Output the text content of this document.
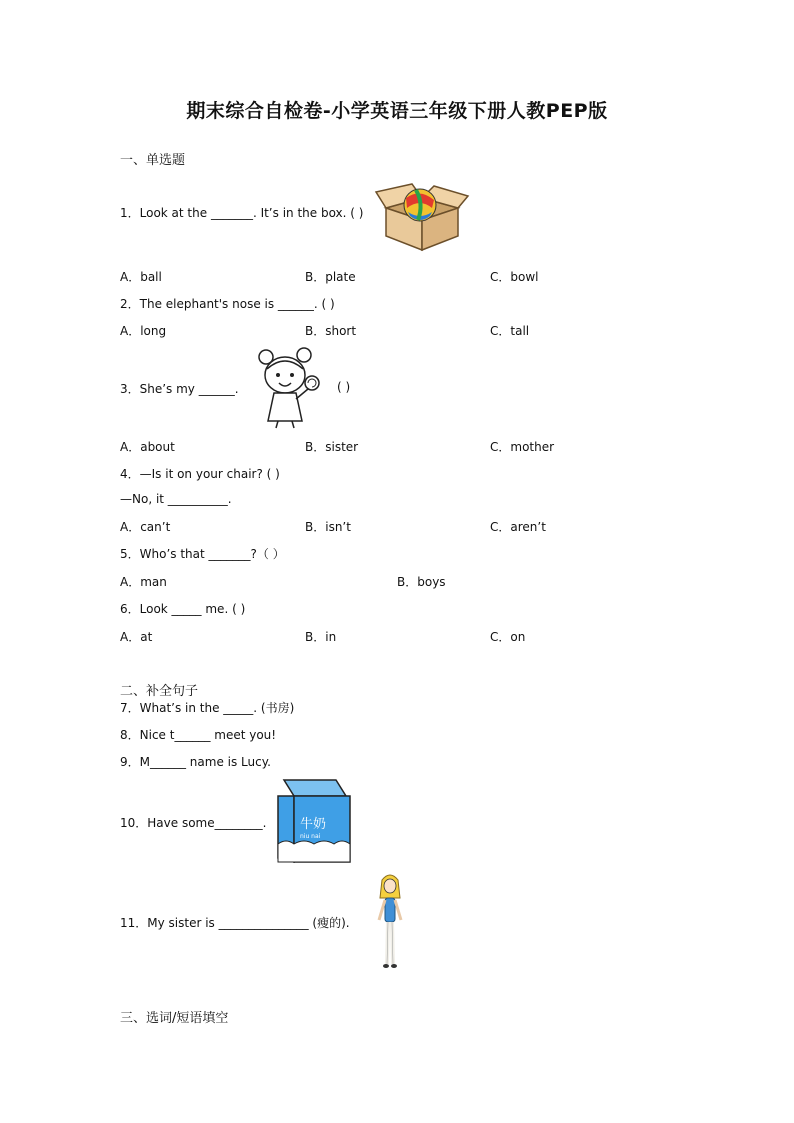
期末综合自检卷-小学英语三年级下册人教PEP版
一、单选题
1．Look at the _______. It’s in the box. ( )
A．ball	B．plate	C．bowl
2．The elephant's nose is ______. ( )
A．long	B．short	C．tall
3．She’s my ______.	( )
A．about	B．sister	C．mother
4．—Is it on your chair? ( )
—No, it __________.
A．can’t	B．isn’t	C．aren’t
5．Who’s that _______?（ ）
A．man	B．boys
6．Look _____ me. ( )
A．at	B．in	C．on
二、补全句子
7．What’s in the _____. (书房)
8．Nice t______ meet you!
9．M______ name is Lucy.
10．Have some________.	牛奶
niu nai
11．My sister is _______________ (瘦的).
三、选词/短语填空
